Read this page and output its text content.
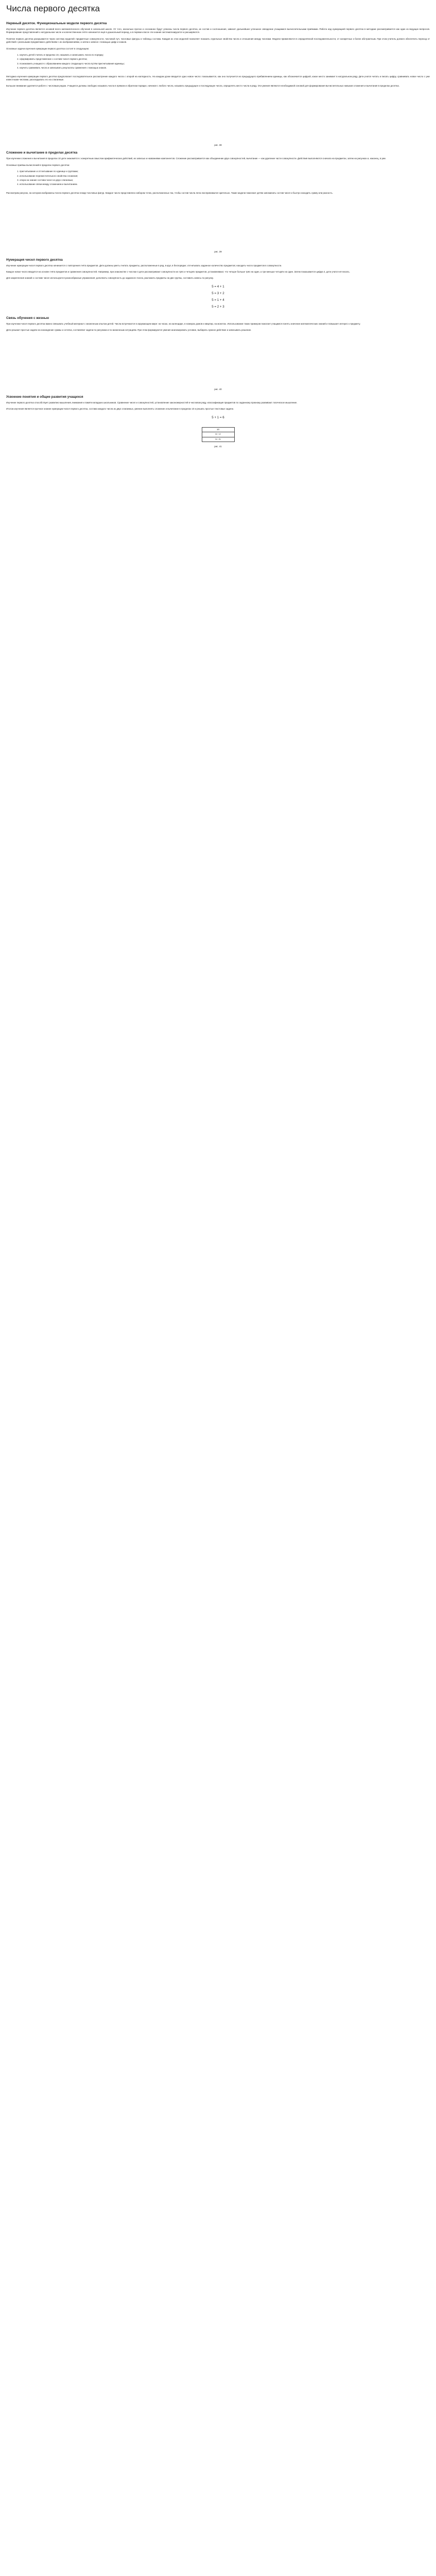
Числа первого десятка
Нервный десяток. Функциональные модели первого десятка

Изучение первого десятка является основой всего математического обучения в начальной школе. От того, насколько прочно и осознанно будут усвоены числа первого десятка, их состав и соотношения, зависит дальнейшее успешное овладение учащимися вычислительными приёмами. Работа над нумерацией первого десятка в методике рассматривается как один из ведущих вопросов. Формирование представлений о натуральном числе и количественном счёте начинается ещё в дошкольный период, а в первом классе эти знания систематизируются и расширяются.

Понятие первого десятка раскрывается через систему моделей: предметные совокупности, числовой луч, числовые фигуры и таблицы состава. Каждая из этих моделей позволяет показать отдельные свойства числа и отношения между числами. Модели применяются в определённой последовательности, от конкретных к более абстрактным. При этом учитель должен обеспечить переход от действий с реальными предметами к действиям с их изображениями, а затем к записи с помощью цифр и знаков.

Основные задачи изучения нумерации первого десятка состоят в следующем:

1. научить детей считать в пределах 10, называть и записывать числа по порядку;
2. сформировать представление о составе чисел первого десятка;
3. познакомить учащихся с образованием каждого следующего числа путём присчитывания единицы;
4. научить сравнивать числа и записывать результаты сравнения с помощью знаков.

Методика изучения нумерации первого десятка предполагает последовательное рассмотрение каждого числа с опорой на наглядность. На каждом уроке вводится одно новое число: показывается, как оно получается из предыдущего прибавлением единицы, как обозначается цифрой, какое место занимает в натуральном ряду. Дети учатся читать и писать цифру, сравнивать новое число с уже известными числами, раскладывать его на слагаемые.

Большое внимание уделяется работе с числовым рядом. Учащиеся должны свободно называть числа в прямом и обратном порядке, начиная с любого числа, называть предыдущее и последующее числа, определять место числа в ряду. Эти умения являются необходимой основой для формирования вычислительных навыков сложения и вычитания в пределах десятка.

рис. 38
Сложение и вычитание в пределах десятка

При изучении сложения и вычитания в пределах 10 дети знакомятся с конкретным смыслом арифметических действий, их записью и названиями компонентов. Сложение рассматривается как объединение двух совокупностей, вычитание — как удаление части совокупности. Действия выполняются сначала на предметах, затем на рисунках и, наконец, в уме.

Основные приёмы вычислений в пределах первого десятка:

1. присчитывание и отсчитывание по единице и группами;
2. использование переместительного свойства сложения;
3. опора на знание состава чисел из двух слагаемых;
4. использование связи между сложением и вычитанием.

Рассмотрим рисунок, на котором изображены числа первого десятка в виде числовых фигур. Каждое число представлено набором точек, расположенных так, чтобы состав числа легко воспринимался зрительно. Такие модели помогают детям запоминать состав чисел и быстро находить сумму или разность.

рис. 39
Нумерация чисел первого десятка

Изучение нумерации чисел первого десятка начинается с повторения счёта предметов. Дети должны уметь считать предметы, расположенные в ряд, в круг, в беспорядке; отсчитывать заданное количество предметов; находить число предметов в совокупности.

Каждое новое число вводится на основе счёта предметов и сравнения совокупностей. Например, при знакомстве с числом 4 дети рассматривают совокупности из трёх и четырёх предметов, устанавливают, что четыре больше трёх на один, а три меньше четырёх на один. Затем показывается цифра 4, дети учатся её писать.

Для закрепления знаний о составе чисел используются разнообразные упражнения: дополнить совокупность до заданного числа, разложить предметы на две группы, составить запись по рисунку.

5 = 4 + 1
5 = 3 + 2
5 = 1 + 4
5 = 2 + 3
Связь обучения с жизнью

При изучении чисел первого десятка важно связывать учебный материал с жизненным опытом детей. Числа встречаются в окружающем мире: на часах, на календаре, в номерах домов и квартир, на монетах. Использование таких примеров помогает учащимся понять значение математических знаний и повышает интерес к предмету.

Дети решают простые задачи на нахождение суммы и остатка, составляют задачи по рисункам и по жизненным ситуациям. При этом формируются умения анализировать условие, выбирать нужное действие и записывать решение.

рис. 40
Усвоение понятия и общие развития учащихся

Изучение первого десятка способствует развитию мышления, внимания и памяти младших школьников. Сравнение чисел и совокупностей, установление закономерностей в числовом ряду, классификация предметов по заданному признаку развивают логическое мышление.

Итогом изучения является прочное знание нумерации чисел первого десятка, состава каждого числа из двух слагаемых, умение выполнять сложение и вычитание в пределах 10 и решать простые текстовые задачи.

5 + 1 = 6
10
6 + 4
5 + 5
рис. 41
